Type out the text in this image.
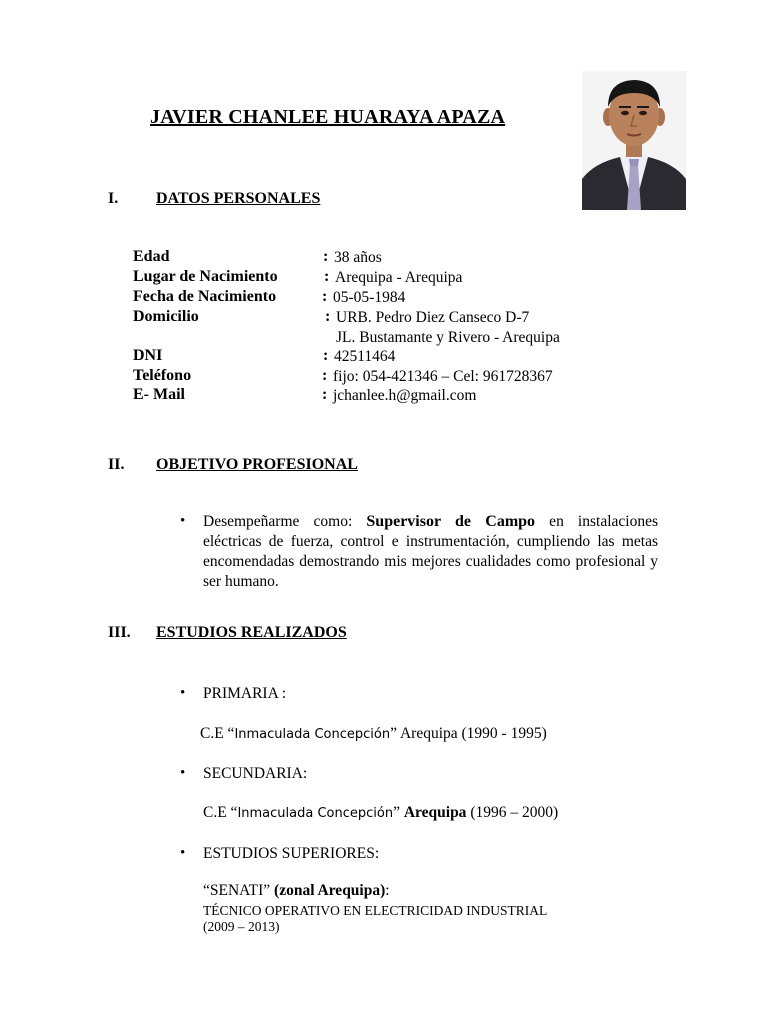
JAVIER CHANLEE HUARAYA APAZA
I. DATOS PERSONALES
Edad	: 38 años
Lugar de Nacimiento	: Arequipa - Arequipa
Fecha de Nacimiento	: 05-05-1984
Domicilio	: URB. Pedro Diez Canseco D-7
JL. Bustamante y Rivero - Arequipa
DNI	: 42511464
Teléfono	: fijo: 054-421346 – Cel: 961728367
E- Mail	: jchanlee.h@gmail.com
II. OBJETIVO PROFESIONAL
• Desempeñarme como: Supervisor de Campo en instalaciones eléctricas de fuerza, control e instrumentación, cumpliendo las metas encomendadas demostrando mis mejores cualidades como profesional y ser humano.
III. ESTUDIOS REALIZADOS
• PRIMARIA :
C.E “Inmaculada Concepción” Arequipa (1990 - 1995)
• SECUNDARIA:
C.E “Inmaculada Concepción” Arequipa (1996 – 2000)
• ESTUDIOS SUPERIORES:
“SENATI” (zonal Arequipa):
TÉCNICO OPERATIVO EN ELECTRICIDAD INDUSTRIAL
(2009 – 2013)
